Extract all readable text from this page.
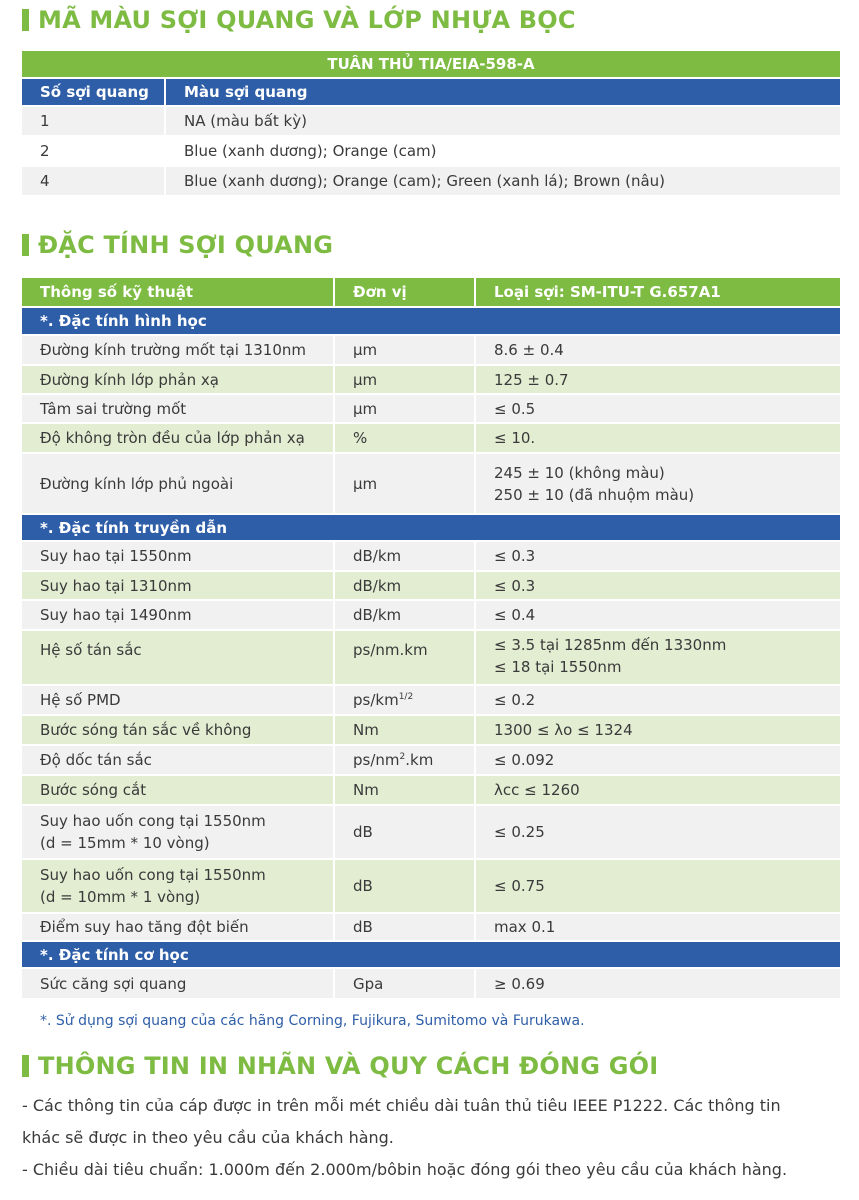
MÃ MÀU SỢI QUANG VÀ LỚP NHỰA BỌC
TUÂN THỦ TIA/EIA-598-A	
Số sợi quang	Màu sợi quang
1	NA (màu bất kỳ)
2	Blue (xanh dương); Orange (cam)
4	Blue (xanh dương); Orange (cam); Green (xanh lá); Brown (nâu)
ĐẶC TÍNH SỢI QUANG
Thông số kỹ thuật	Đơn vị	Loại sợi: SM-ITU-T G.657A1
*. Đặc tính hình học		
Đường kính trường mốt tại 1310nm	μm	8.6 ± 0.4
Đường kính lớp phản xạ	μm	125 ± 0.7
Tâm sai trường mốt	μm	≤ 0.5
Độ không tròn đều của lớp phản xạ	%	≤ 10.
Đường kính lớp phủ ngoài	μm	245 ± 10 (không màu)
250 ± 10 (đã nhuộm màu)

*. Đặc tính truyền dẫn		
Suy hao tại 1550nm	dB/km	≤ 0.3
Suy hao tại 1310nm	dB/km	≤ 0.3
Suy hao tại 1490nm	dB/km	≤ 0.4
Hệ số tán sắc	ps/nm.km	≤ 3.5 tại 1285nm đến 1330nm
≤ 18 tại 1550nm

Hệ số PMD	$ps/km^{1/2}$	≤ 0.2
Bước sóng tán sắc về không	Nm	1300 ≤ λo ≤ 1324
Độ dốc tán sắc	$ps/nm^2.km$	≤ 0.092
Bước sóng cắt	Nm	λcc ≤ 1260

Suy hao uốn cong tại 1550nm
(d = 15mm * 10 vòng)	dB	≤ 0.25

Suy hao uốn cong tại 1550nm
(d = 10mm * 1 vòng)	dB	≤ 0.75
Điểm suy hao tăng đột biến	dB	max 0.1
*. Đặc tính cơ học		
Sức căng sợi quang	Gpa	≥ 0.69
*. Sử dụng sợi quang của các hãng Corning, Fujikura, Sumitomo và Furukawa.
THÔNG TIN IN NHÃN VÀ QUY CÁCH ĐÓNG GÓI
- Các thông tin của cáp được in trên mỗi mét chiều dài tuân thủ tiêu IEEE P1222. Các thông tin
khác sẽ được in theo yêu cầu của khách hàng.
- Chiều dài tiêu chuẩn: 1.000m đến 2.000m/bôbin hoặc đóng gói theo yêu cầu của khách hàng.
